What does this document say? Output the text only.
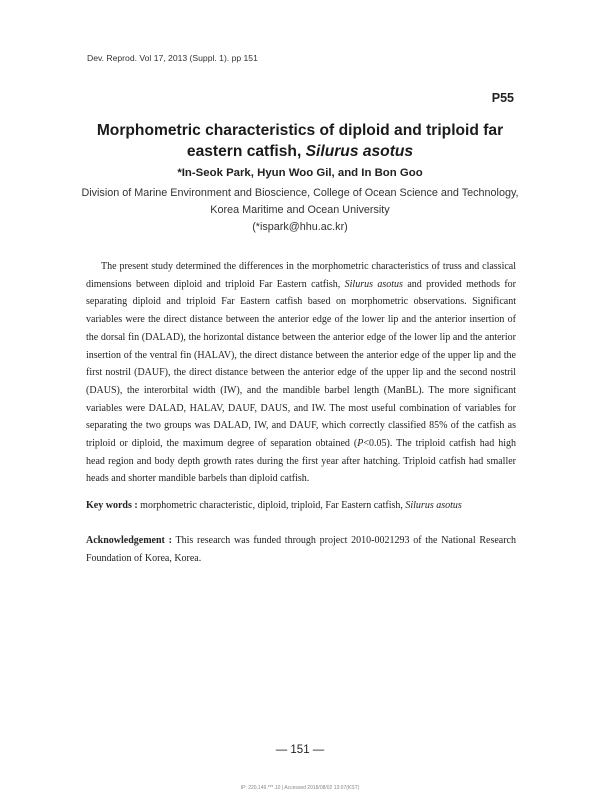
Dev. Reprod. Vol 17, 2013 (Suppl. 1). pp 151
P55
Morphometric characteristics of diploid and triploid far
eastern catfish, Silurus asotus
*In-Seok Park, Hyun Woo Gil, and In Bon Goo
Division of Marine Environment and Bioscience, College of Ocean Science and Technology,
Korea Maritime and Ocean University
(*ispark@hhu.ac.kr)

The present study determined the differences in the morphometric characteristics of truss and classical dimensions between diploid and triploid Far Eastern catfish, Silurus asotus and provided methods for separating diploid and triploid Far Eastern catfish based on morphometric observations. Significant variables were the direct distance between the anterior edge of the lower lip and the anterior insertion of the dorsal fin (DALAD), the horizontal distance between the anterior edge of the lower lip and the anterior insertion of the ventral fin (HALAV), the direct distance between the anterior edge of the upper lip and the first nostril (DAUF), the direct distance between the anterior edge of the upper lip and the second nostril (DAUS), the interorbital width (IW), and the mandible barbel length (ManBL). The more significant variables were DALAD, HALAV, DAUF, DAUS, and IW. The most useful combination of variables for separating the two groups was DALAD, IW, and DAUF, which correctly classified 85% of the catfish as triploid or diploid, the maximum degree of separation obtained (P<0.05). The triploid catfish had high head region and body depth growth rates during the first year after hatching. Triploid catfish had smaller heads and shorter mandible barbels than diploid catfish.

Key words : morphometric characteristic, diploid, triploid, Far Eastern catfish, Silurus asotus

Acknowledgement : This research was funded through project 2010-0021293 of the National Research Foundation of Korea, Korea.

— 151 —
IP: 220.149.***.10 | Accessed 2018/08/02 13:07(KST)
